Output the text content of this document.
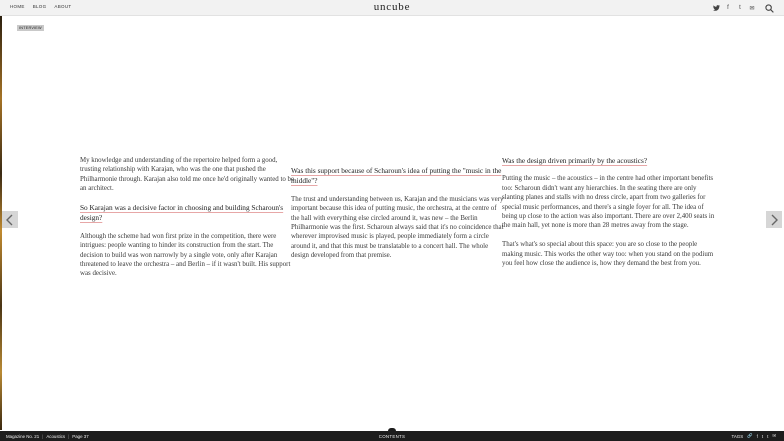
HOME BLOG ABOUT	uncube	f	t	✉
INTERVIEW

My knowledge and understanding of the repertoire helped form a good, trusting relationship with Karajan, who was the one that pushed the Philharmonie through. Karajan also told me once he'd originally wanted to be an architect.

So Karajan was a decisive factor in choosing and building Scharoun's design?

Although the scheme had won first prize in the competition, there were intrigues: people wanting to hinder its construction from the start. The decision to build was won narrowly by a single vote, only after Karajan threatened to leave the orchestra – and Berlin – if it wasn't built. His support was decisive.

Was this support because of Scharoun's idea of putting the "music in the middle"?

The trust and understanding between us, Karajan and the musicians was very important because this idea of putting music, the orchestra, at the centre of the hall with everything else circled around it, was new – the Berlin Philharmonie was the first. Scharoun always said that it's no coincidence that wherever improvised music is played, people immediately form a circle around it, and that this must be translatable to a concert hall. The whole design developed from that premise.

Was the design driven primarily by the acoustics?

Putting the music – the acoustics – in the centre had other important benefits too: Scharoun didn't want any hierarchies. In the seating there are only slanting planes and stalls with no dress circle, apart from two galleries for special music performances, and there's a single foyer for all. The idea of being up close to the action was also important. There are over 2,400 seats in the main hall, yet none is more than 28 metres away from the stage.

That's what's so special about this space: you are so close to the people making music. This works the other way too: when you stand on the podium you feel how close the audience is, how they demand the best from you.

Magazine No. 21 | Acoustics | Page 37	CONTENTS	TAGS 🔗 f t t ✉
